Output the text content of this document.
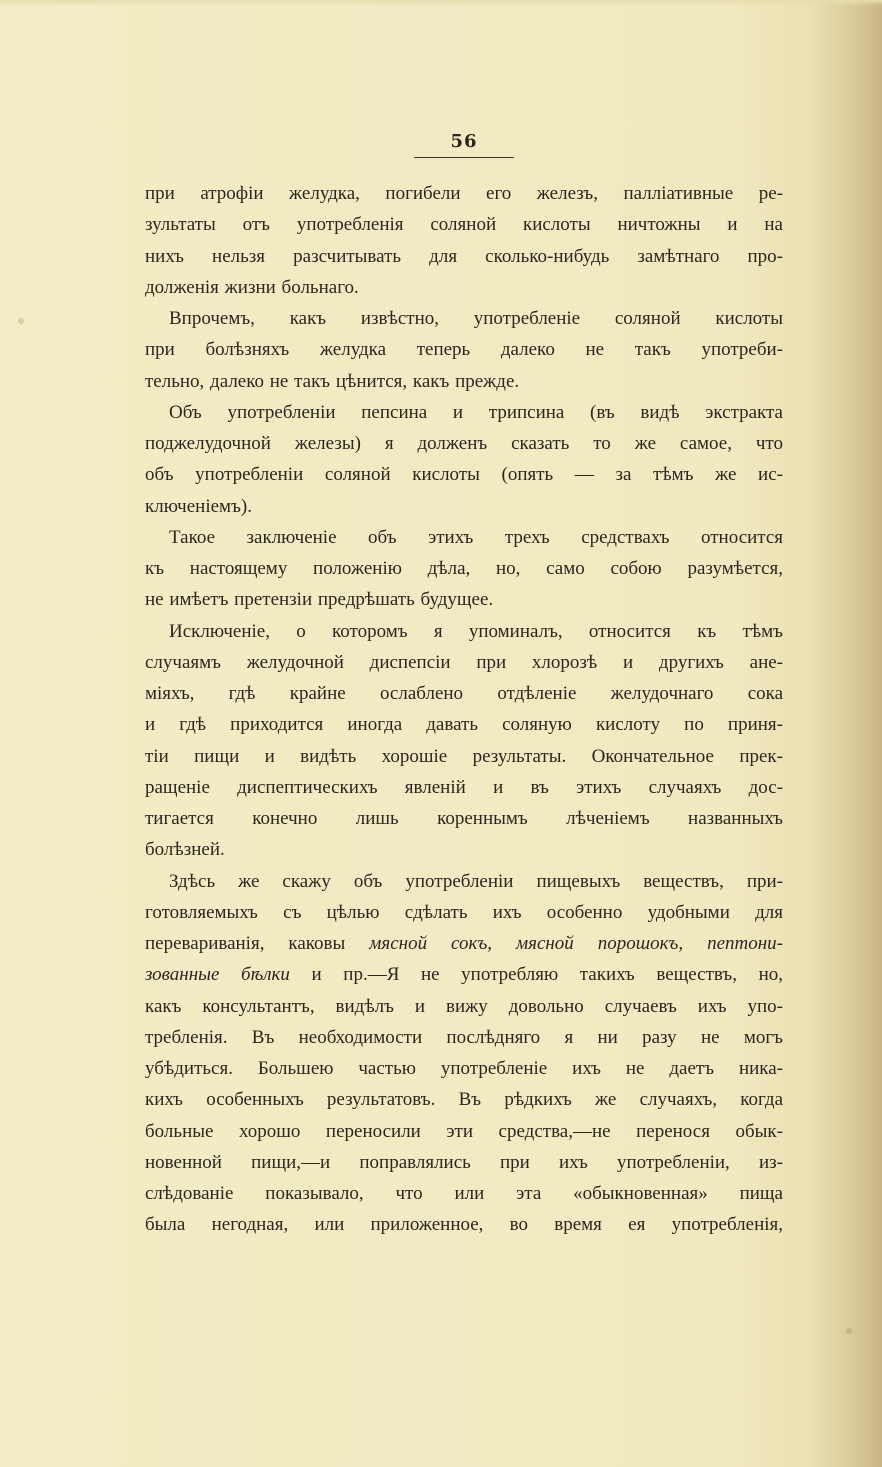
56
при атрофіи желудка, погибели его железъ, палліативные ре-
зультаты отъ употребленія соляной кислоты ничтожны и на
нихъ нельзя разсчитывать для сколько-нибудь замѣтнаго про-
долженія жизни больнаго.
Впрочемъ, какъ извѣстно, употребленіе соляной кислоты
при болѣзняхъ желудка теперь далеко не такъ употреби-
тельно, далеко не такъ цѣнится, какъ прежде.
Объ употребленіи пепсина и трипсина (въ видѣ экстракта
поджелудочной железы) я долженъ сказать то же самое, что
объ употребленіи соляной кислоты (опять — за тѣмъ же ис-
ключеніемъ).
Такое заключеніе объ этихъ трехъ средствахъ относится
къ настоящему положенію дѣла, но, само собою разумѣется,
не имѣетъ претензіи предрѣшать будущее.
Исключеніе, о которомъ я упоминалъ, относится къ тѣмъ
случаямъ желудочной диспепсіи при хлорозѣ и другихъ ане-
міяхъ, гдѣ крайне ослаблено отдѣленіе желудочнаго сока
и гдѣ приходится иногда давать соляную кислоту по приня-
тіи пищи и видѣть хорошіе результаты. Окончательное прек-
ращеніе диспептическихъ явленій и въ этихъ случаяхъ дос-
тигается конечно лишь кореннымъ лѣченіемъ названныхъ
болѣзней.
Здѣсь же скажу объ употребленіи пищевыхъ веществъ, при-
готовляемыхъ съ цѣлью сдѣлать ихъ особенно удобными для
перевариванія, каковы мясной сокъ, мясной порошокъ, пептони-
зованные бѣлки и пр.—Я не употребляю такихъ веществъ, но,
какъ консультантъ, видѣлъ и вижу довольно случаевъ ихъ упо-
требленія. Въ необходимости послѣдняго я ни разу не могъ
убѣдиться. Большею частью употребленіе ихъ не даетъ ника-
кихъ особенныхъ результатовъ. Въ рѣдкихъ же случаяхъ, когда
больные хорошо переносили эти средства,—не перенося обык-
новенной пищи,—и поправлялись при ихъ употребленіи, из-
слѣдованіе показывало, что или эта «обыкновенная» пища
была негодная, или приложенное, во время ея употребленія,
